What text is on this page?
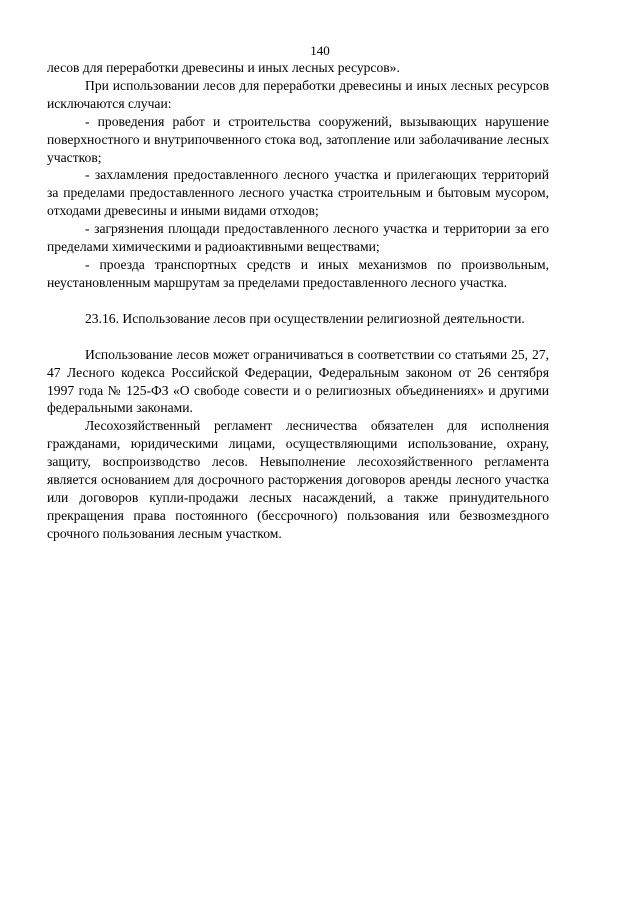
140

лесов для переработки древесины и иных лесных ресурсов».

При использовании лесов для переработки древесины и иных лесных ресурсов исключаются случаи:

- проведения работ и строительства сооружений, вызывающих нарушение поверхностного и внутрипочвенного стока вод, затопление или заболачивание лесных участков;

- захламления предоставленного лесного участка и прилегающих территорий за пределами предоставленного лесного участка строительным и бытовым мусором, отходами древесины и иными видами отходов;

- загрязнения площади предоставленного лесного участка и территории за его пределами химическими и радиоактивными веществами;

- проезда транспортных средств и иных механизмов по произвольным, неустановленным маршрутам за пределами предоставленного лесного участка.

23.16. Использование лесов при осуществлении религиозной деятельности.

Использование лесов может ограничиваться в соответствии со статьями 25, 27, 47 Лесного кодекса Российской Федерации, Федеральным законом от 26 сентября 1997 года № 125-ФЗ «О свободе совести и о религиозных объединениях» и другими федеральными законами.

Лесохозяйственный регламент лесничества обязателен для исполнения гражданами, юридическими лицами, осуществляющими использование, охрану, защиту, воспроизводство лесов. Невыполнение лесохозяйственного регламента является основанием для досрочного расторжения договоров аренды лесного участка или договоров купли-продажи лесных насаждений, а также принудительного прекращения права постоянного (бессрочного) пользования или безвозмездного срочного пользования лесным участком.
